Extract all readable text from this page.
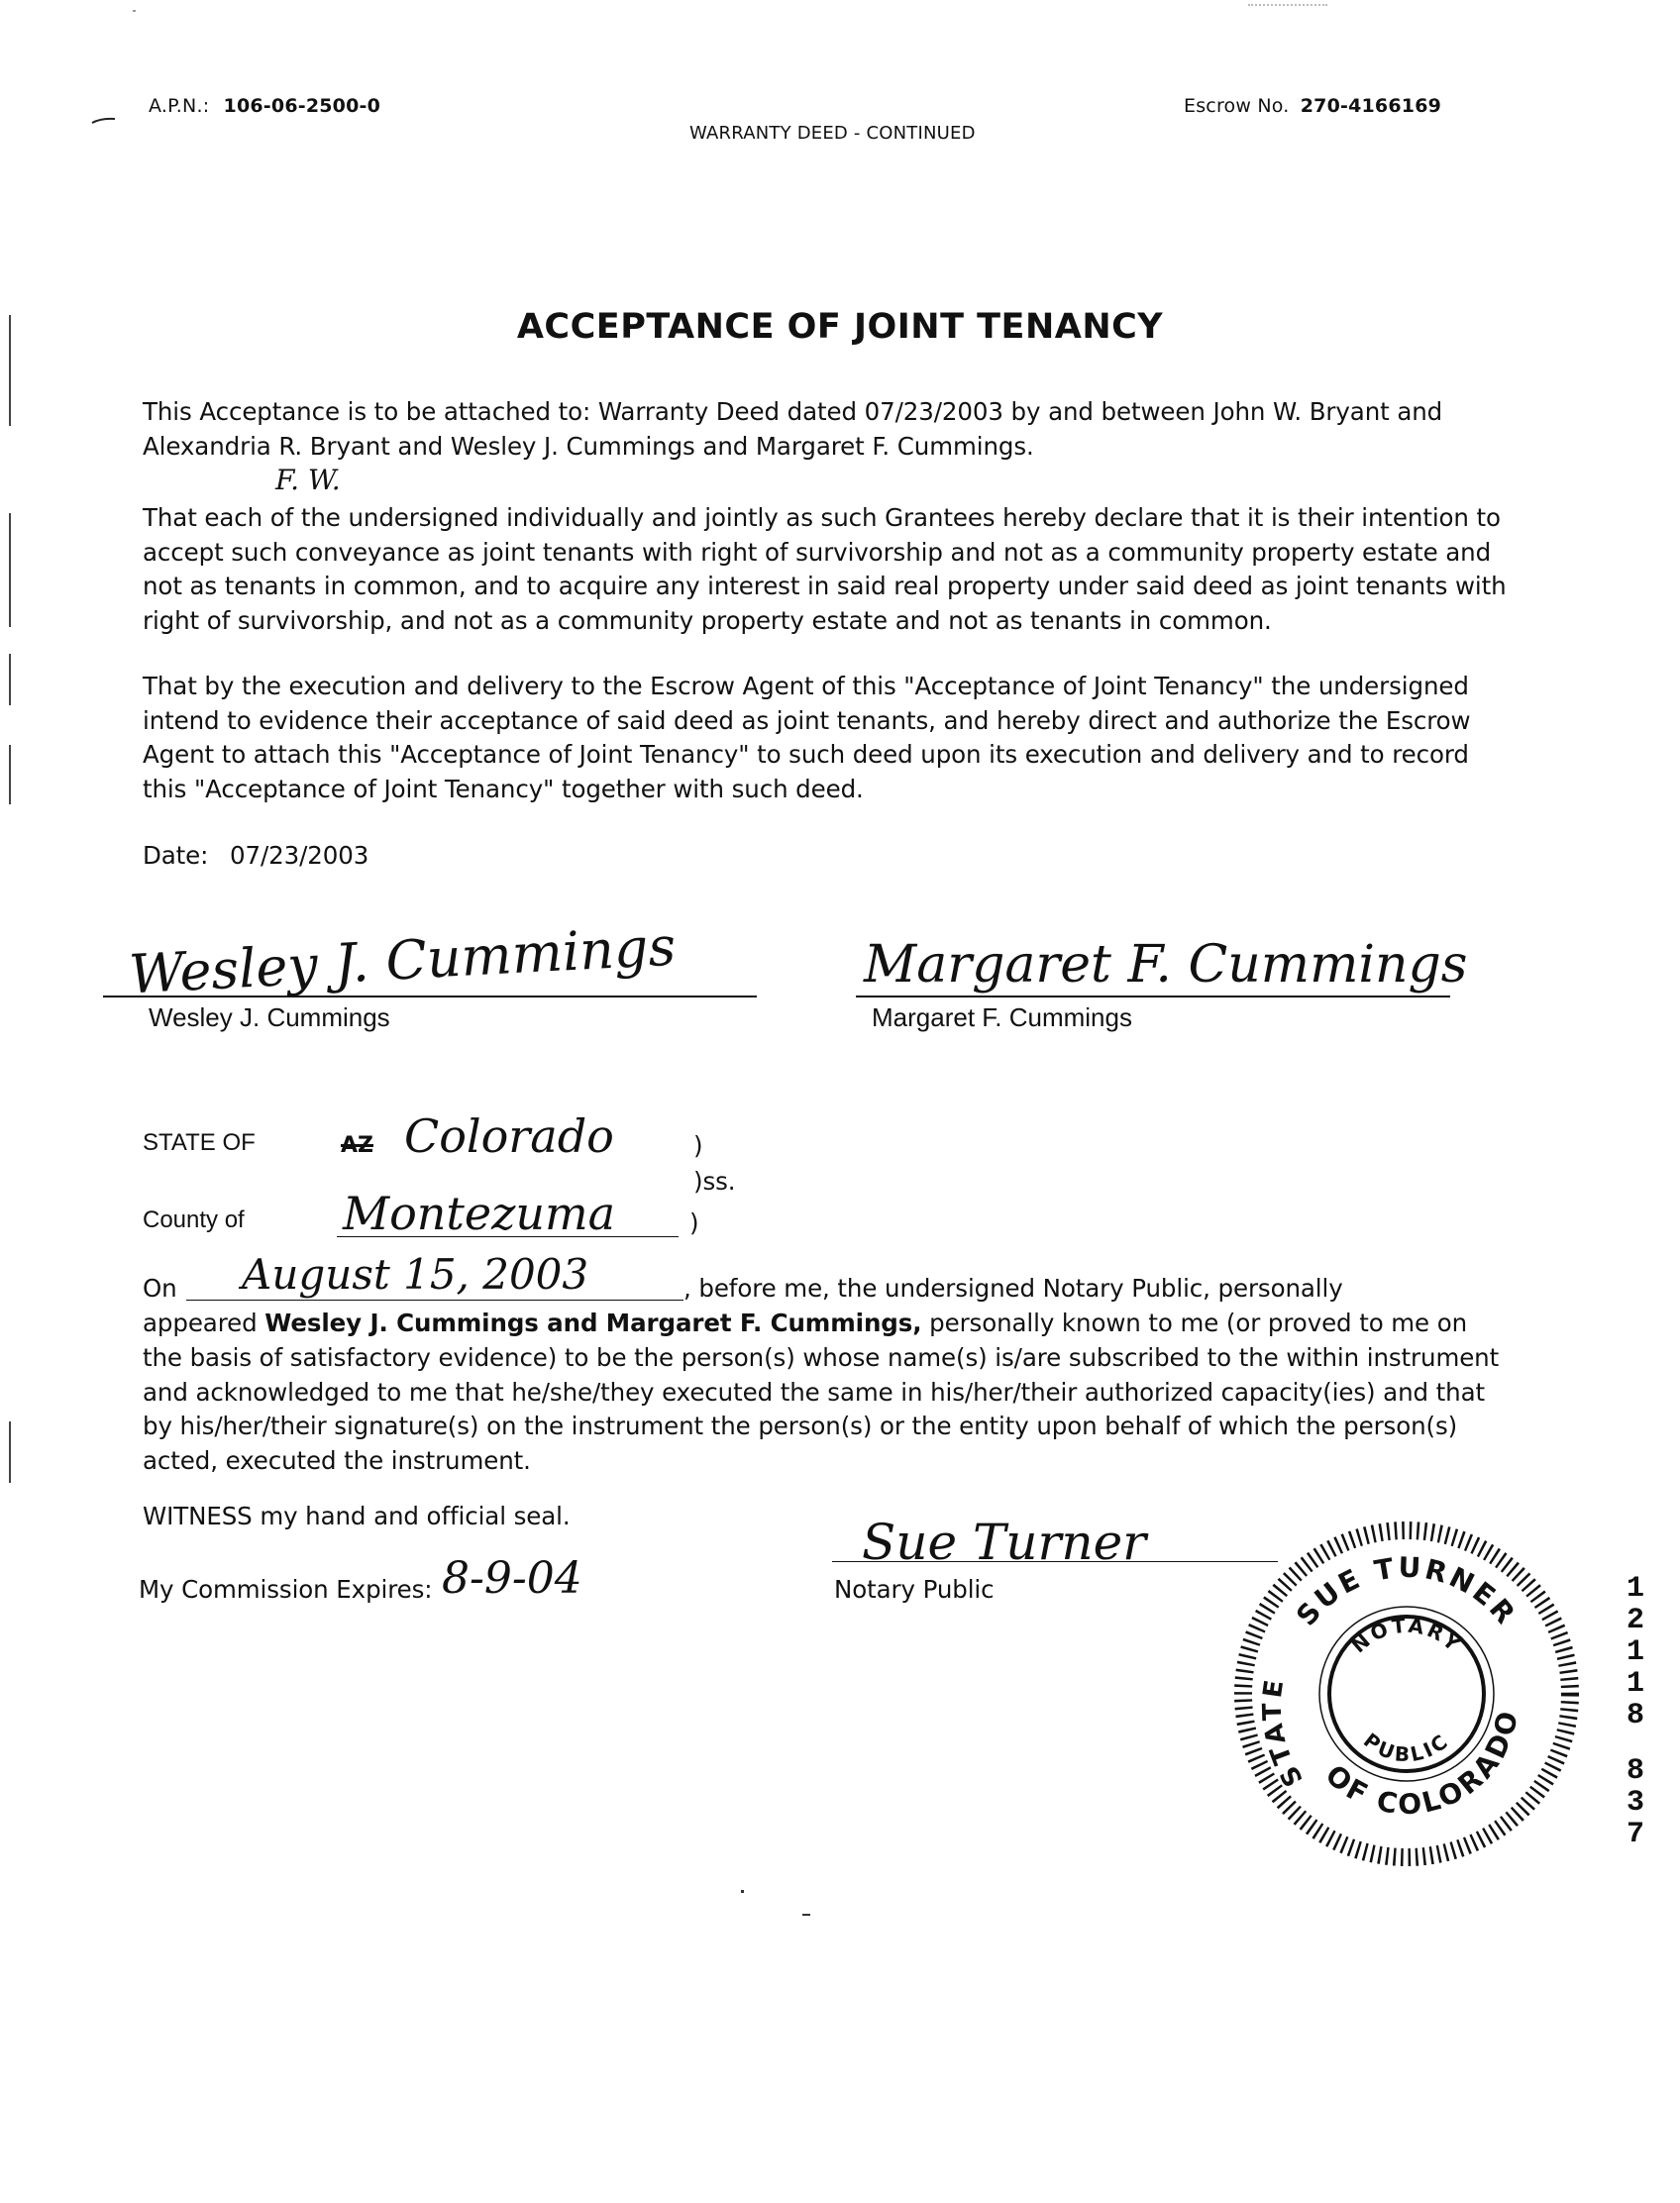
A.P.N.: 106-06-2500-0
WARRANTY DEED - CONTINUED
Escrow No. 270-4166169
ACCEPTANCE OF JOINT TENANCY
This Acceptance is to be attached to: Warranty Deed dated 07/23/2003 by and between John W. Bryant and
Alexandria R. Bryant and Wesley J. Cummings and Margaret F. Cummings.
F. W.
That each of the undersigned individually and jointly as such Grantees hereby declare that it is their intention to
accept such conveyance as joint tenants with right of survivorship and not as a community property estate and
not as tenants in common, and to acquire any interest in said real property under said deed as joint tenants with
right of survivorship, and not as a community property estate and not as tenants in common.
That by the execution and delivery to the Escrow Agent of this "Acceptance of Joint Tenancy" the undersigned
intend to evidence their acceptance of said deed as joint tenants, and hereby direct and authorize the Escrow
Agent to attach this "Acceptance of Joint Tenancy" to such deed upon its execution and delivery and to record
this "Acceptance of Joint Tenancy" together with such deed.
Date: 07/23/2003
Wesley J. Cummings
Wesley J. Cummings
Margaret F. Cummings
Margaret F. Cummings
STATE OF	AZ Colorado	)
)ss.
County of Montezuma	)
On August 15, 2003	, before me, the undersigned Notary Public, personally
appeared Wesley J. Cummings and Margaret F. Cummings, personally known to me (or proved to me on
the basis of satisfactory evidence) to be the person(s) whose name(s) is/are subscribed to the within instrument
and acknowledged to me that he/she/they executed the same in his/her/their authorized capacity(ies) and that
by his/her/their signature(s) on the instrument the person(s) or the entity upon behalf of which the person(s)
acted, executed the instrument.
WITNESS my hand and official seal.
My Commission Expires: 8-9-04
Sue Turner
Notary Public
SUE TURNER
OF COLORADO
STATE
NOTARY
PUBLIC
1
2
1
1
8
8
3
7
